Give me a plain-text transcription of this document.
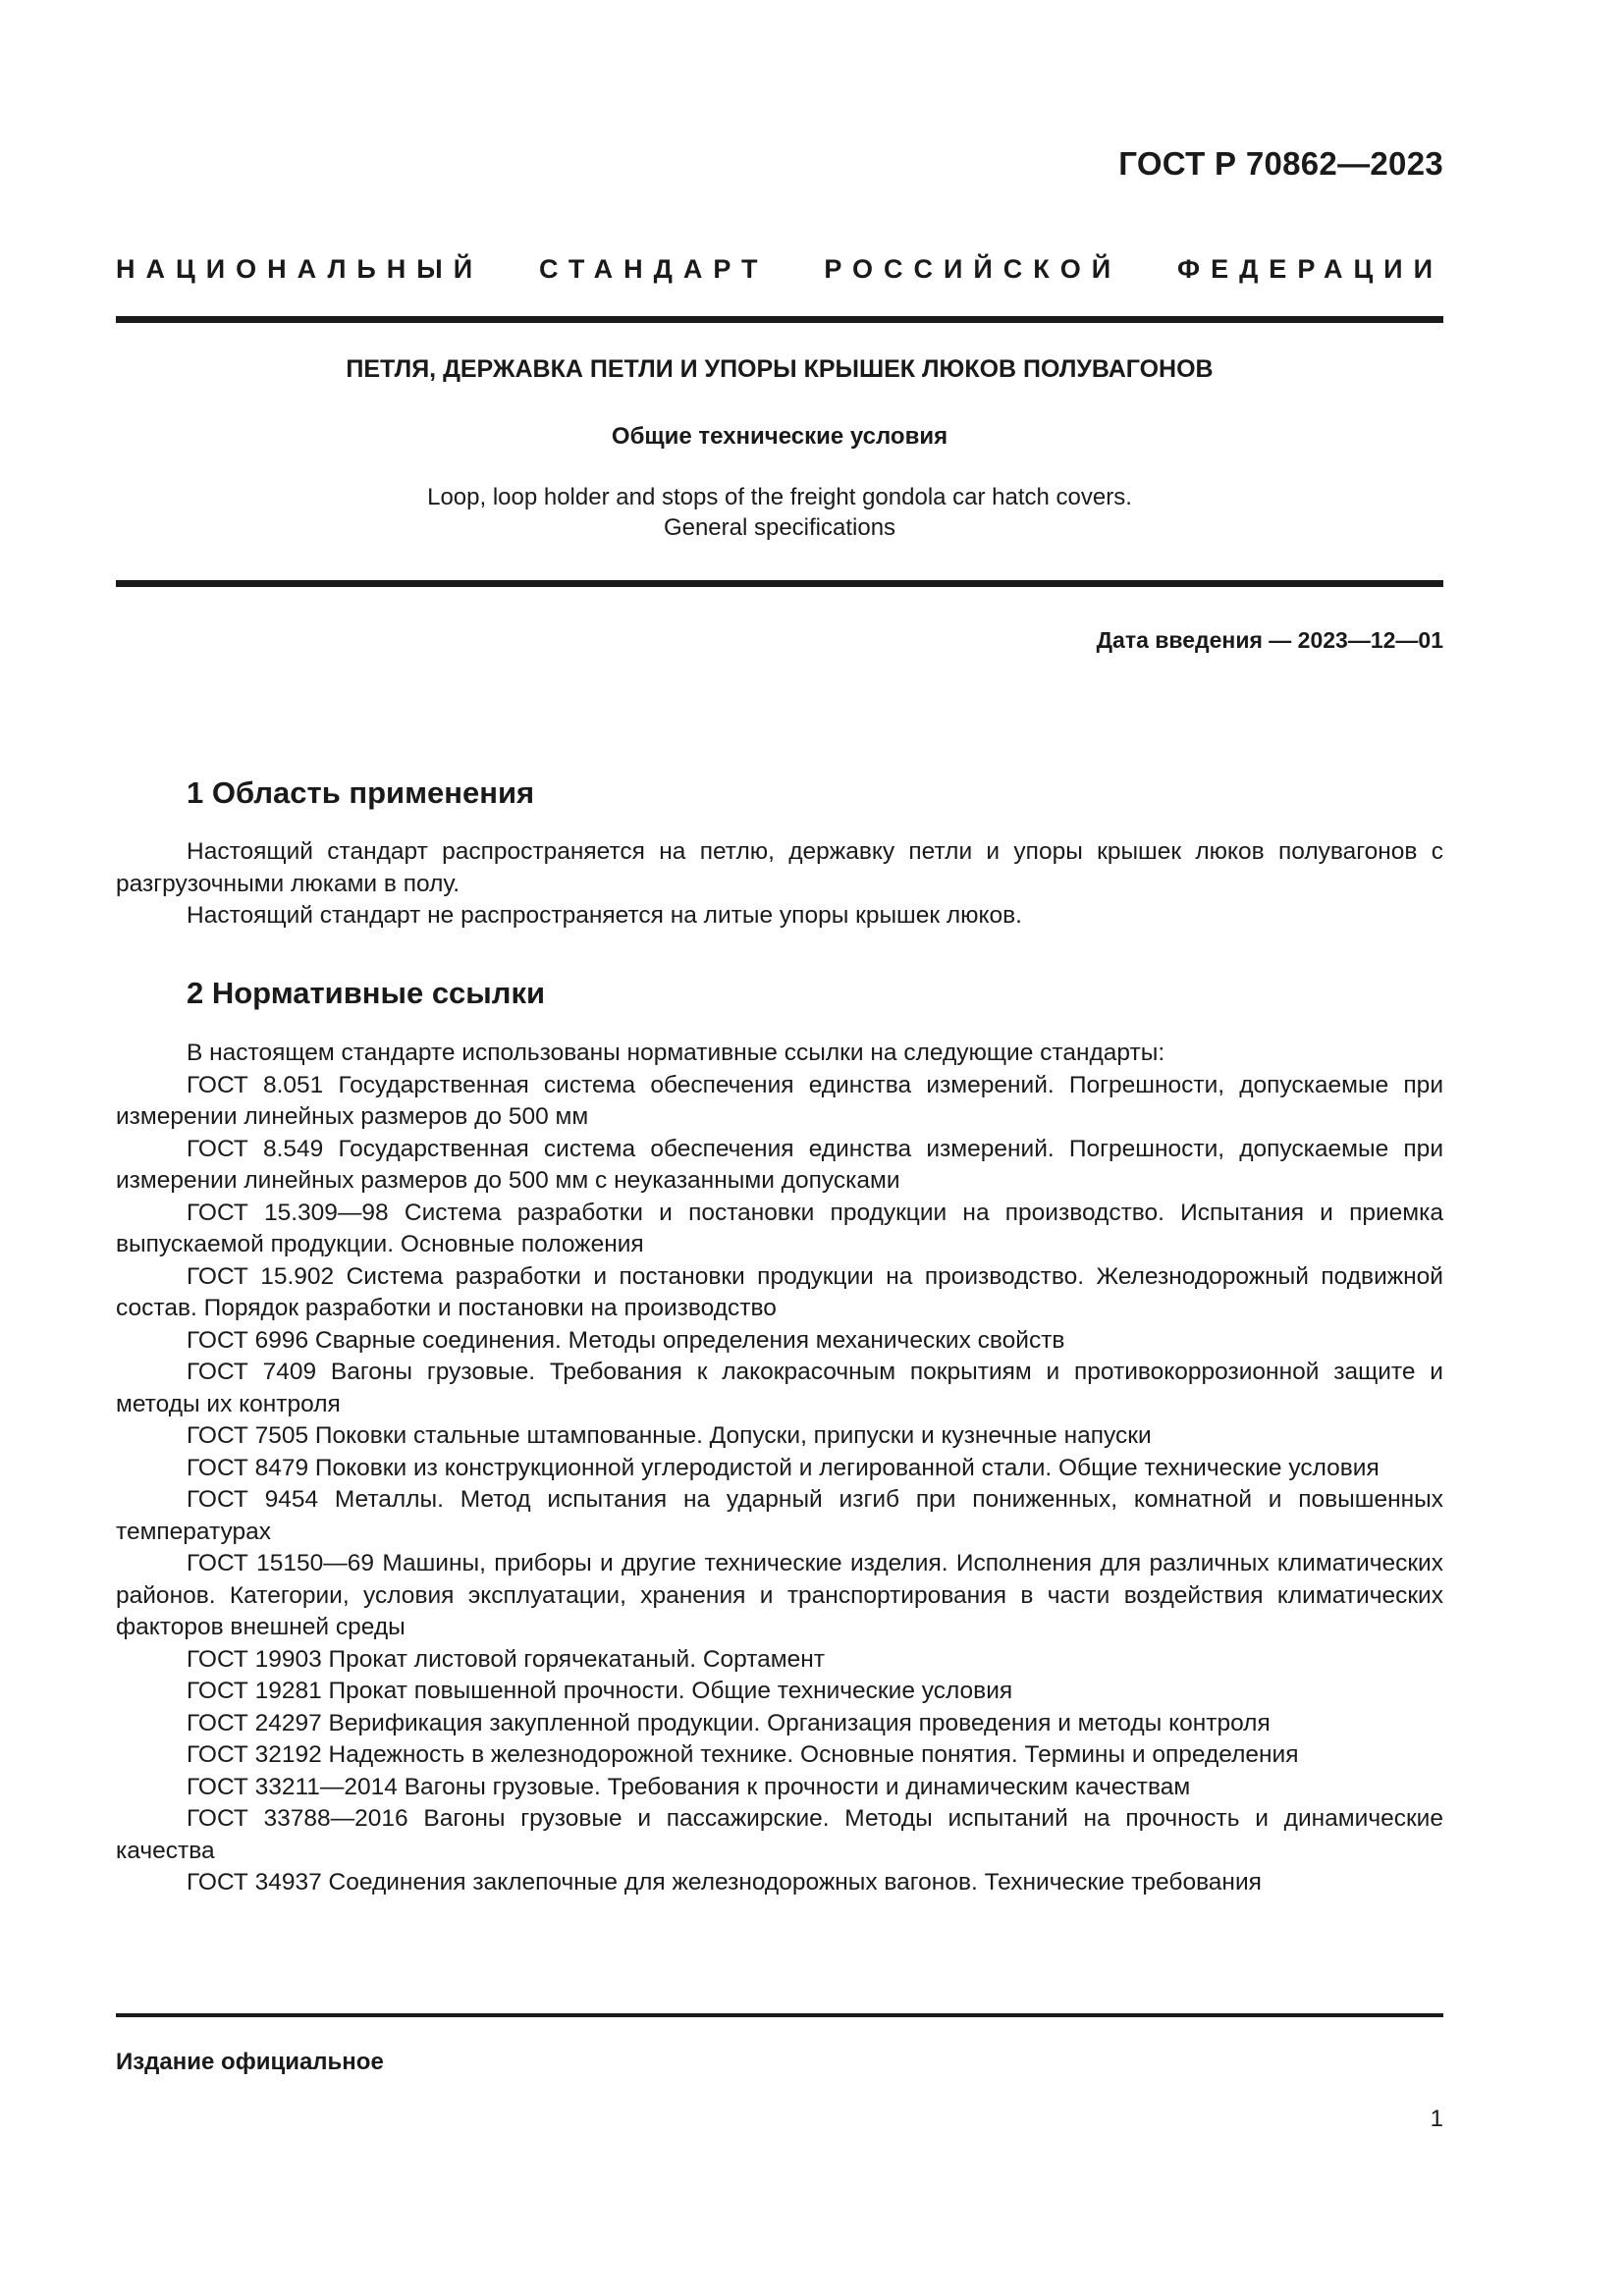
ГОСТ Р 70862—2023
НАЦИОНАЛЬНЫЙ СТАНДАРТ РОССИЙСКОЙ ФЕДЕРАЦИИ
ПЕТЛЯ, ДЕРЖАВКА ПЕТЛИ И УПОРЫ КРЫШЕК ЛЮКОВ ПОЛУВАГОНОВ
Общие технические условия
Loop, loop holder and stops of the freight gondola car hatch covers.
General specifications
Дата введения — 2023—12—01
1 Область применения

Настоящий стандарт распространяется на петлю, державку петли и упоры крышек люков полувагонов с разгрузочными люками в полу.

Настоящий стандарт не распространяется на литые упоры крышек люков.

2 Нормативные ссылки

В настоящем стандарте использованы нормативные ссылки на следующие стандарты:

ГОСТ 8.051 Государственная система обеспечения единства измерений. Погрешности, допускаемые при измерении линейных размеров до 500 мм

ГОСТ 8.549 Государственная система обеспечения единства измерений. Погрешности, допускаемые при измерении линейных размеров до 500 мм с неуказанными допусками

ГОСТ 15.309—98 Система разработки и постановки продукции на производство. Испытания и приемка выпускаемой продукции. Основные положения

ГОСТ 15.902 Система разработки и постановки продукции на производство. Железнодорожный подвижной состав. Порядок разработки и постановки на производство

ГОСТ 6996 Сварные соединения. Методы определения механических свойств

ГОСТ 7409 Вагоны грузовые. Требования к лакокрасочным покрытиям и противокоррозионной защите и методы их контроля

ГОСТ 7505 Поковки стальные штампованные. Допуски, припуски и кузнечные напуски

ГОСТ 8479 Поковки из конструкционной углеродистой и легированной стали. Общие технические условия

ГОСТ 9454 Металлы. Метод испытания на ударный изгиб при пониженных, комнатной и повышенных температурах

ГОСТ 15150—69 Машины, приборы и другие технические изделия. Исполнения для различных климатических районов. Категории, условия эксплуатации, хранения и транспортирования в части воздействия климатических факторов внешней среды

ГОСТ 19903 Прокат листовой горячекатаный. Сортамент

ГОСТ 19281 Прокат повышенной прочности. Общие технические условия

ГОСТ 24297 Верификация закупленной продукции. Организация проведения и методы контроля

ГОСТ 32192 Надежность в железнодорожной технике. Основные понятия. Термины и определения

ГОСТ 33211—2014 Вагоны грузовые. Требования к прочности и динамическим качествам

ГОСТ 33788—2016 Вагоны грузовые и пассажирские. Методы испытаний на прочность и динамические качества

ГОСТ 34937 Соединения заклепочные для железнодорожных вагонов. Технические требования

Издание официальное
1
